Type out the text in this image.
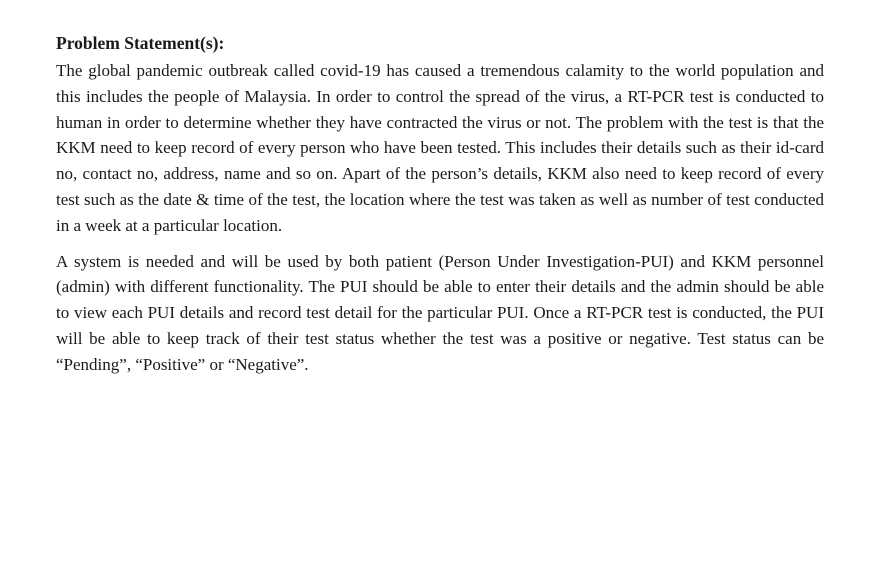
Problem Statement(s):

The global pandemic outbreak called covid-19 has caused a tremendous calamity to the world population and this includes the people of Malaysia. In order to control the spread of the virus, a RT-PCR test is conducted to human in order to determine whether they have contracted the virus or not. The problem with the test is that the KKM need to keep record of every person who have been tested. This includes their details such as their id-card no, contact no, address, name and so on. Apart of the person’s details, KKM also need to keep record of every test such as the date & time of the test, the location where the test was taken as well as number of test conducted in a week at a particular location.

A system is needed and will be used by both patient (Person Under Investigation-PUI) and KKM personnel (admin) with different functionality. The PUI should be able to enter their details and the admin should be able to view each PUI details and record test detail for the particular PUI. Once a RT-PCR test is conducted, the PUI will be able to keep track of their test status whether the test was a positive or negative. Test status can be “Pending”, “Positive” or “Negative”.
